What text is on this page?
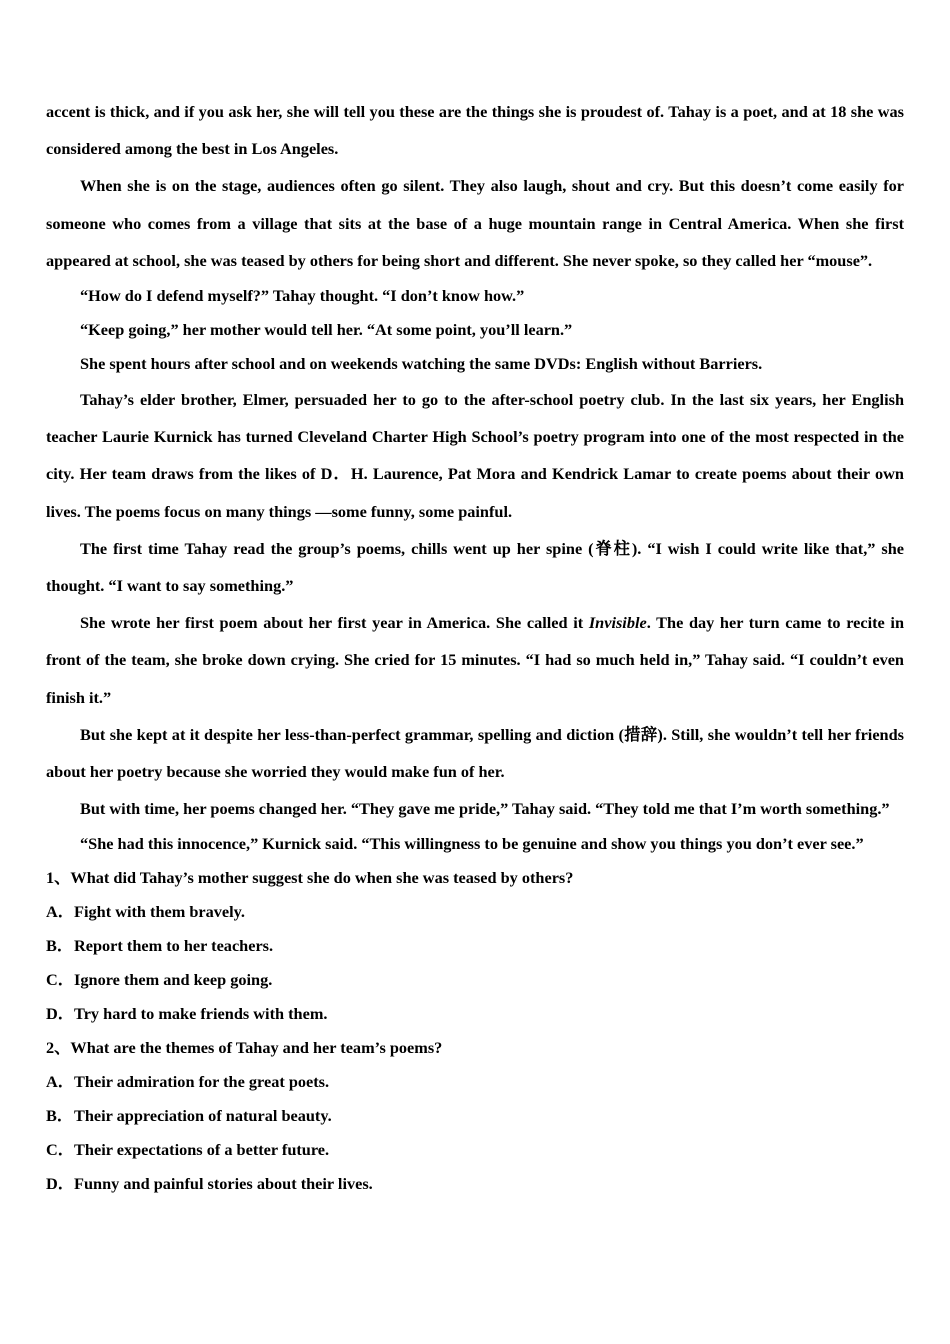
accent is thick, and if you ask her, she will tell you these are the things she is proudest of. Tahay is a poet, and at 18 she was considered among the best in Los Angeles.

When she is on the stage, audiences often go silent. They also laugh, shout and cry. But this doesn’t come easily for someone who comes from a village that sits at the base of a huge mountain range in Central America. When she first appeared at school, she was teased by others for being short and different. She never spoke, so they called her “mouse”.

“How do I defend myself?” Tahay thought. “I don’t know how.”

“Keep going,” her mother would tell her. “At some point, you’ll learn.”

She spent hours after school and on weekends watching the same DVDs: English without Barriers.

Tahay’s elder brother, Elmer, persuaded her to go to the after-school poetry club. In the last six years, her English teacher Laurie Kurnick has turned Cleveland Charter High School’s poetry program into one of the most respected in the city. Her team draws from the likes of D．H. Laurence, Pat Mora and Kendrick Lamar to create poems about their own lives. The poems focus on many things —some funny, some painful.

The first time Tahay read the group’s poems, chills went up her spine (脊柱). “I wish I could write like that,” she thought. “I want to say something.”

She wrote her first poem about her first year in America. She called it Invisible. The day her turn came to recite in front of the team, she broke down crying. She cried for 15 minutes. “I had so much held in,” Tahay said. “I couldn’t even finish it.”

But she kept at it despite her less-than-perfect grammar, spelling and diction (措辞). Still, she wouldn’t tell her friends about her poetry because she worried they would make fun of her.

But with time, her poems changed her. “They gave me pride,” Tahay said. “They told me that I’m worth something.”

“She had this innocence,” Kurnick said. “This willingness to be genuine and show you things you don’t ever see.”

1、What did Tahay’s mother suggest she do when she was teased by others?

A．Fight with them bravely.

B．Report them to her teachers.

C．Ignore them and keep going.

D．Try hard to make friends with them.

2、What are the themes of Tahay and her team’s poems?

A．Their admiration for the great poets.

B．Their appreciation of natural beauty.

C．Their expectations of a better future.

D．Funny and painful stories about their lives.
